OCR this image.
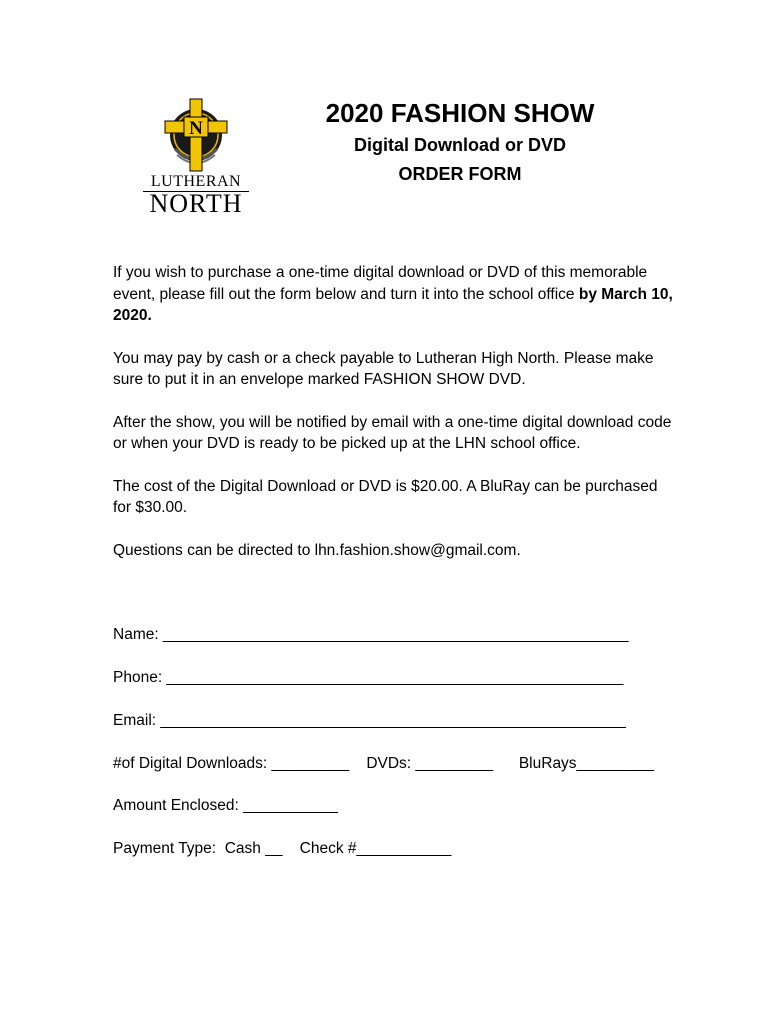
N
LUTHERAN
NORTH
2020 FASHION SHOW
Digital Download or DVD
ORDER FORM

If you wish to purchase a one-time digital download or DVD of this memorable event, please fill out the form below and turn it into the school office by March 10, 2020.

You may pay by cash or a check payable to Lutheran High North. Please make sure to put it in an envelope marked FASHION SHOW DVD.

After the show, you will be notified by email with a one-time digital download code or when your DVD is ready to be picked up at the LHN school office.

The cost of the Digital Download or DVD is $20.00. A BluRay can be purchased for $30.00.

Questions can be directed to lhn.fashion.show@gmail.com.

Name: ______________________________________________________
Phone: _____________________________________________________
Email: ______________________________________________________
#of Digital Downloads: _________    DVDs: _________      BluRays_________
Amount Enclosed: ___________
Payment Type:  Cash __    Check #___________
